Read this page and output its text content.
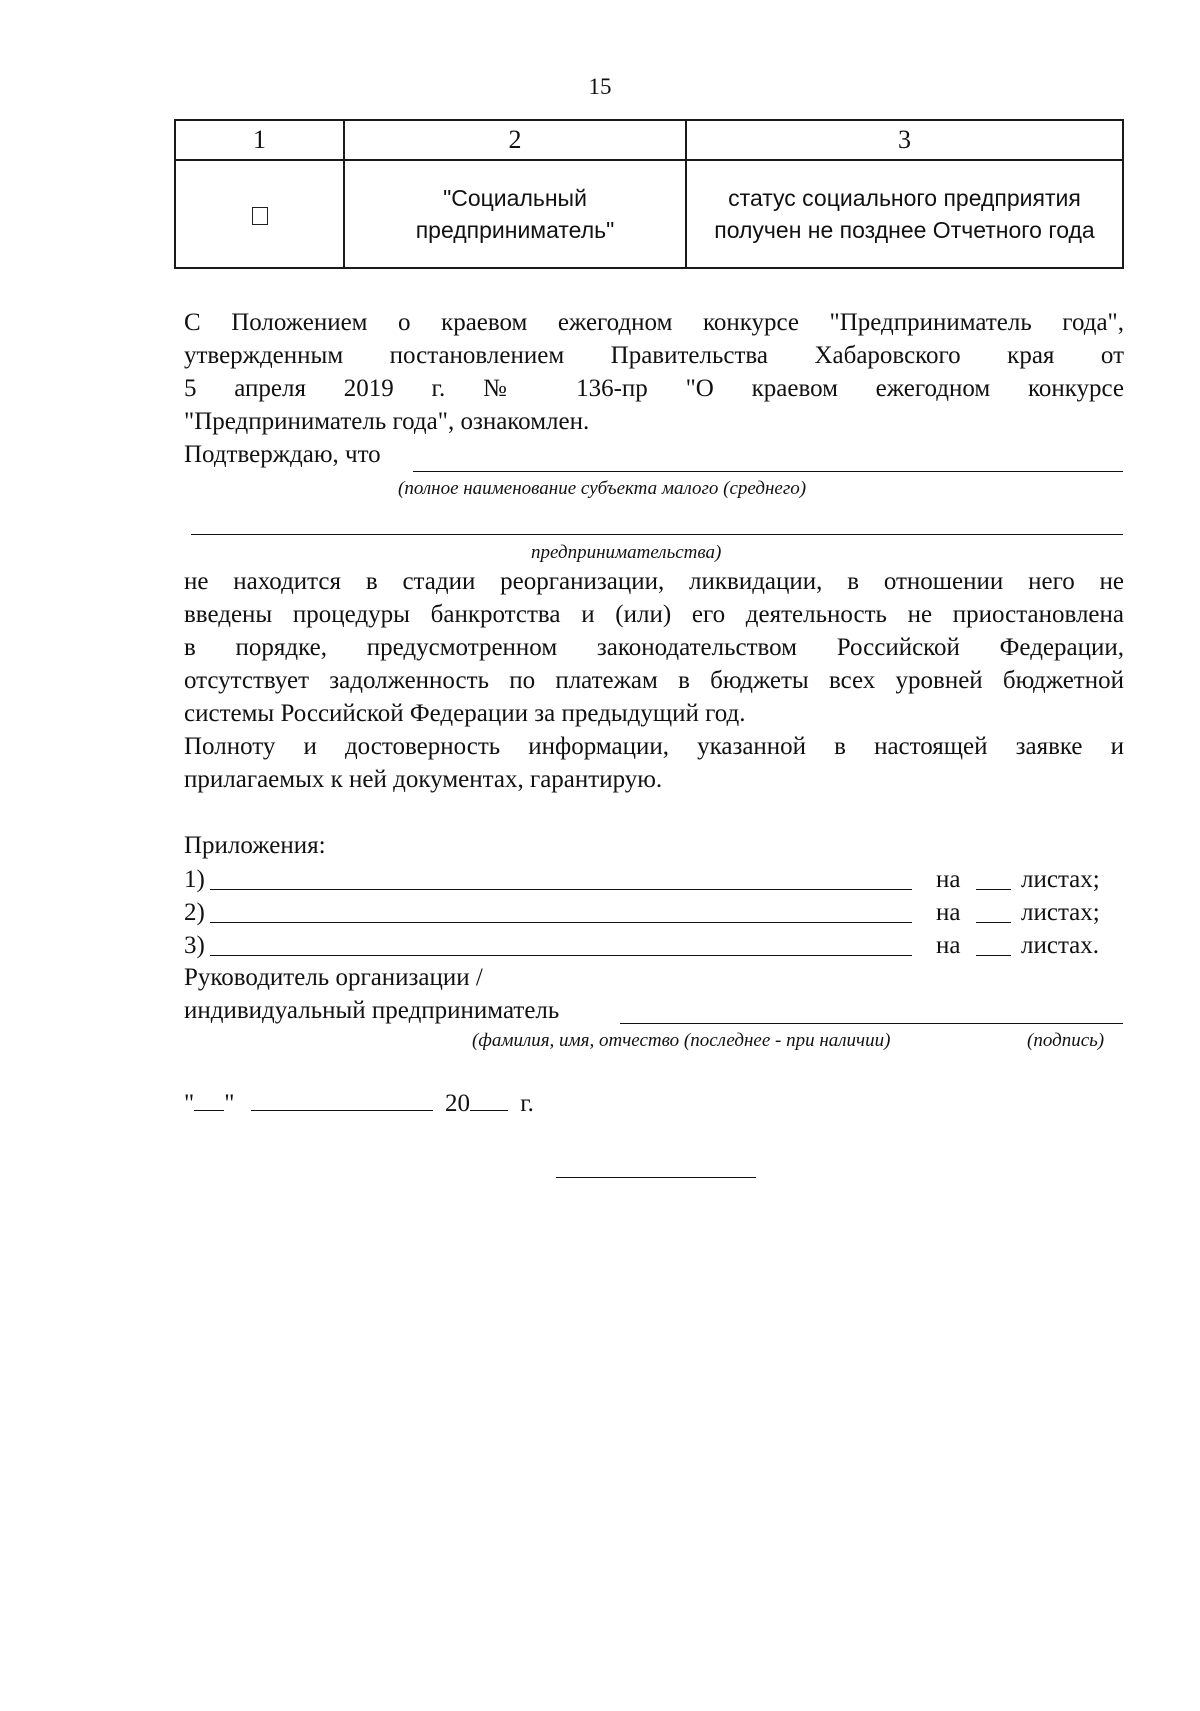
15
1	2	3
	"Социальный предприниматель"	статус социального предприятия получен не позднее Отчетного года
С Положением о краевом ежегодном конкурсе "Предприниматель года",
утвержденным постановлением Правительства Хабаровского края от
5 апреля 2019 г. № 136-пр "О краевом ежегодном конкурсе
"Предприниматель года", ознакомлен.
Подтверждаю, что
(полное наименование субъекта малого (среднего)
предпринимательства)
не находится в стадии реорганизации, ликвидации, в отношении него не
введены процедуры банкротства и (или) его деятельность не приостановлена
в порядке, предусмотренном законодательством Российской Федерации,
отсутствует задолженность по платежам в бюджеты всех уровней бюджетной
системы Российской Федерации за предыдущий год.
Полноту и достоверность информации, указанной в настоящей заявке и
прилагаемых к ней документах, гарантирую.
Приложения:
1)	на листах;
2)	на листах;
3)	на листах.
Руководитель организации /
индивидуальный предприниматель
(фамилия, имя, отчество (последнее - при наличии)	(подпись)
" "	20 г.
